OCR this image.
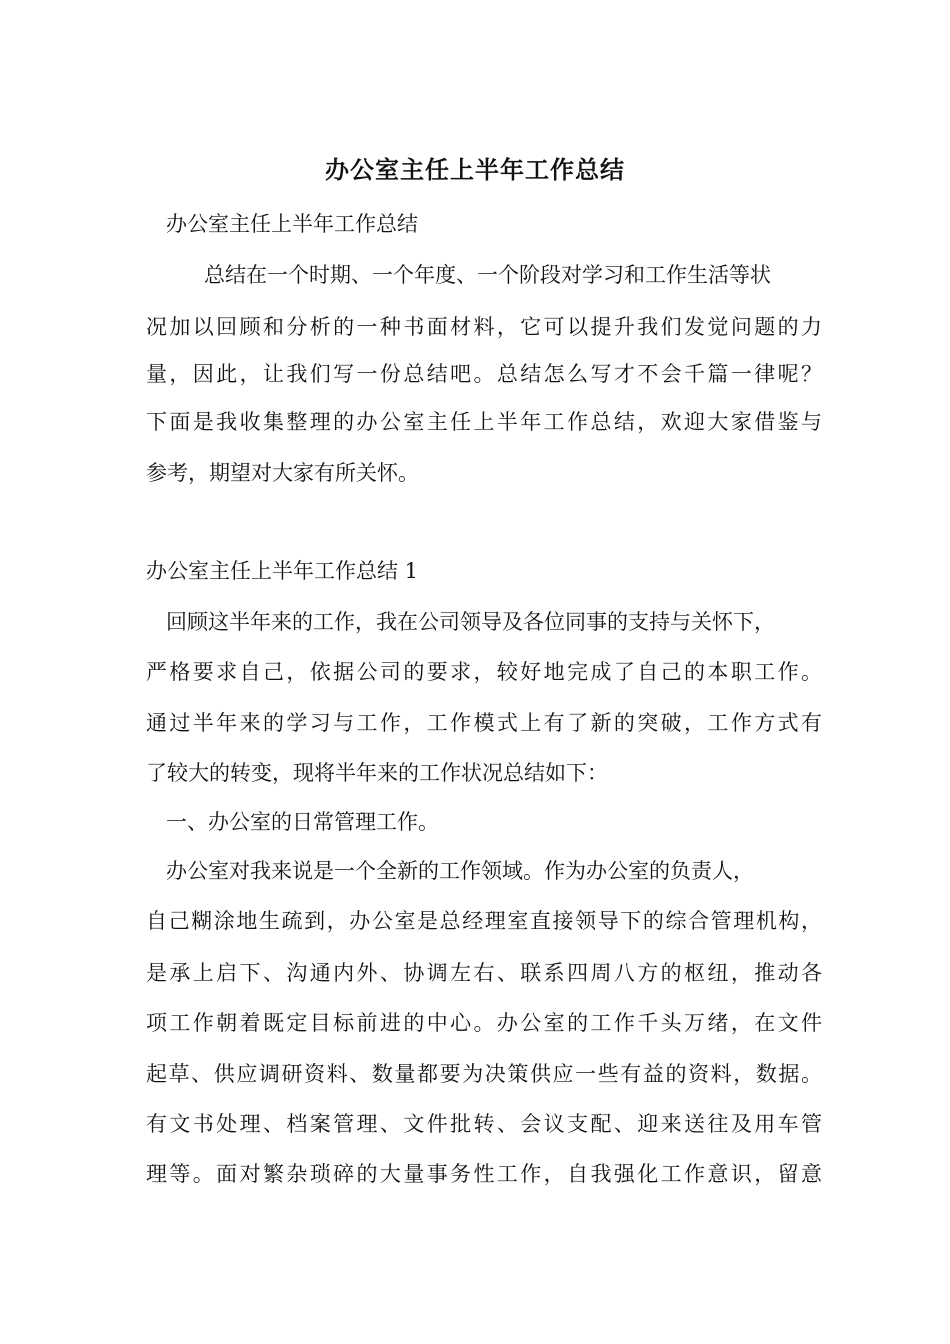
办公室主任上半年工作总结
办公室主任上半年工作总结
总结在一个时期、一个年度、一个阶段对学习和工作生活等状
况加以回顾和分析的一种书面材料，它可以提升我们发觉问题的力
量，因此，让我们写一份总结吧。总结怎么写才不会千篇一律呢？
下面是我收集整理的办公室主任上半年工作总结，欢迎大家借鉴与
参考，期望对大家有所关怀。
办公室主任上半年工作总结 1
回顾这半年来的工作，我在公司领导及各位同事的支持与关怀下，
严格要求自己，依据公司的要求，较好地完成了自己的本职工作。
通过半年来的学习与工作，工作模式上有了新的突破，工作方式有
了较大的转变，现将半年来的工作状况总结如下：
一、办公室的日常管理工作。
办公室对我来说是一个全新的工作领域。作为办公室的负责人，
自己糊涂地生疏到，办公室是总经理室直接领导下的综合管理机构，
是承上启下、沟通内外、协调左右、联系四周八方的枢纽，推动各
项工作朝着既定目标前进的中心。办公室的工作千头万绪，在文件
起草、供应调研资料、数量都要为决策供应一些有益的资料，数据。
有文书处理、档案管理、文件批转、会议支配、迎来送往及用车管
理等。面对繁杂琐碎的大量事务性工作，自我强化工作意识，留意
